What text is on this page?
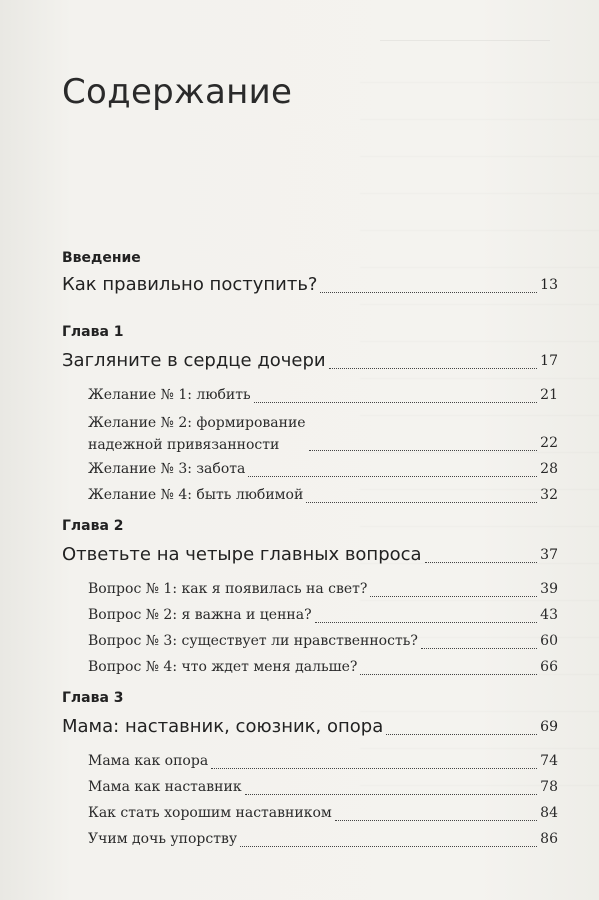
Содержание
Введение
Как правильно поступить?	13
Глава 1
Загляните в сердце дочери	17
Желание № 1: любить	21
Желание № 2: формирование
надежной привязанности	22
Желание № 3: забота	28
Желание № 4: быть любимой	32
Глава 2
Ответьте на четыре главных вопроса	37
Вопрос № 1: как я появилась на свет?	39
Вопрос № 2: я важна и ценна?	43
Вопрос № 3: существует ли нравственность?	60
Вопрос № 4: что ждет меня дальше?	66
Глава 3
Мама: наставник, союзник, опора	69
Мама как опора	74
Мама как наставник	78
Как стать хорошим наставником	84
Учим дочь упорству	86
